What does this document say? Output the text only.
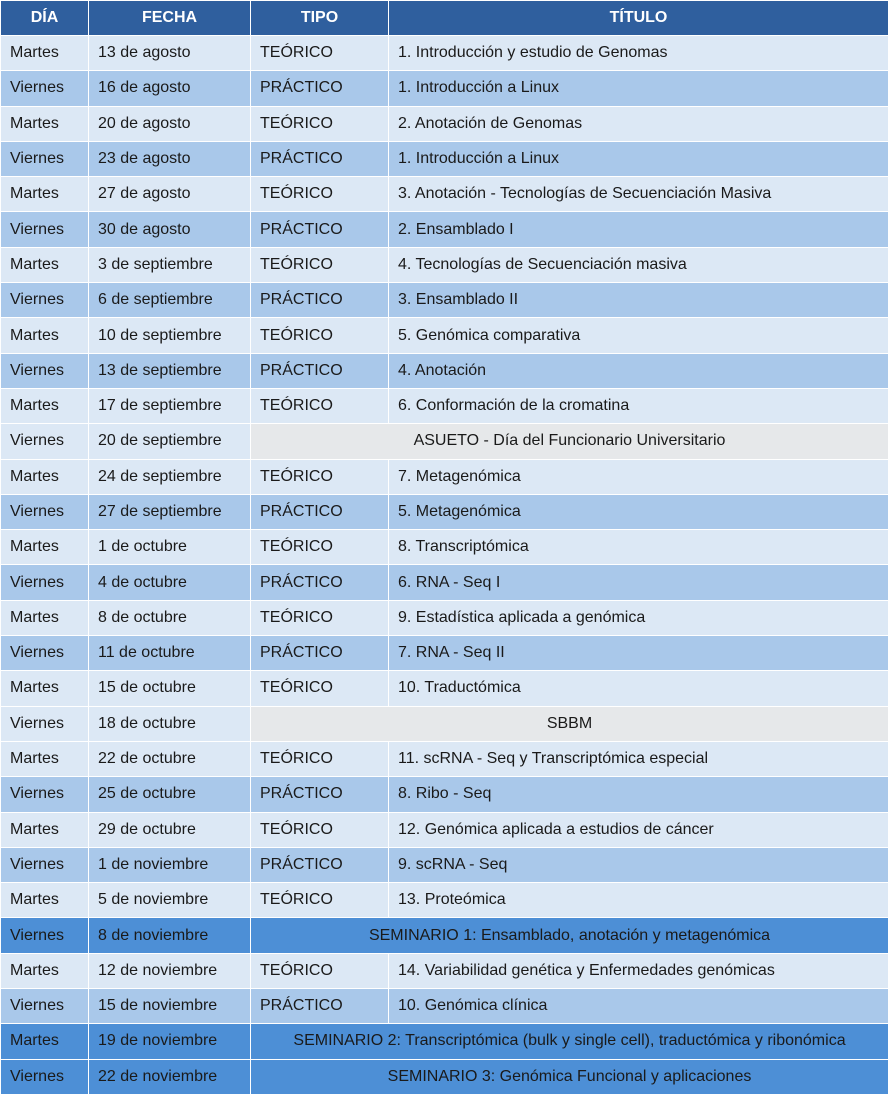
DÍA	FECHA	TIPO	TÍTULO
Martes	13 de agosto	TEÓRICO	1. Introducción y estudio de Genomas
Viernes	16 de agosto	PRÁCTICO	1. Introducción a Linux
Martes	20 de agosto	TEÓRICO	2. Anotación de Genomas
Viernes	23 de agosto	PRÁCTICO	1. Introducción a Linux
Martes	27 de agosto	TEÓRICO	3. Anotación - Tecnologías de Secuenciación Masiva
Viernes	30 de agosto	PRÁCTICO	2. Ensamblado I
Martes	3 de septiembre	TEÓRICO	4. Tecnologías de Secuenciación masiva
Viernes	6 de septiembre	PRÁCTICO	3. Ensamblado II
Martes	10 de septiembre	TEÓRICO	5. Genómica comparativa
Viernes	13 de septiembre	PRÁCTICO	4. Anotación
Martes	17 de septiembre	TEÓRICO	6. Conformación de la cromatina
Viernes	20 de septiembre	ASUETO - Día del Funcionario Universitario	
Martes	24 de septiembre	TEÓRICO	7. Metagenómica
Viernes	27 de septiembre	PRÁCTICO	5. Metagenómica
Martes	1 de octubre	TEÓRICO	8. Transcriptómica
Viernes	4 de octubre	PRÁCTICO	6. RNA - Seq I
Martes	8 de octubre	TEÓRICO	9. Estadística aplicada a genómica
Viernes	11 de octubre	PRÁCTICO	7. RNA - Seq II
Martes	15 de octubre	TEÓRICO	10. Traductómica
Viernes	18 de octubre	SBBM	
Martes	22 de octubre	TEÓRICO	11. scRNA - Seq y Transcriptómica especial
Viernes	25 de octubre	PRÁCTICO	8. Ribo - Seq
Martes	29 de octubre	TEÓRICO	12. Genómica aplicada a estudios de cáncer
Viernes	1 de noviembre	PRÁCTICO	9. scRNA - Seq
Martes	5 de noviembre	TEÓRICO	13. Proteómica
Viernes	8 de noviembre	SEMINARIO 1: Ensamblado, anotación y metagenómica	
Martes	12 de noviembre	TEÓRICO	14. Variabilidad genética y Enfermedades genómicas
Viernes	15 de noviembre	PRÁCTICO	10. Genómica clínica
Martes	19 de noviembre	SEMINARIO 2: Transcriptómica (bulk y single cell), traductómica y ribonómica	
Viernes	22 de noviembre	SEMINARIO 3: Genómica Funcional y aplicaciones	
